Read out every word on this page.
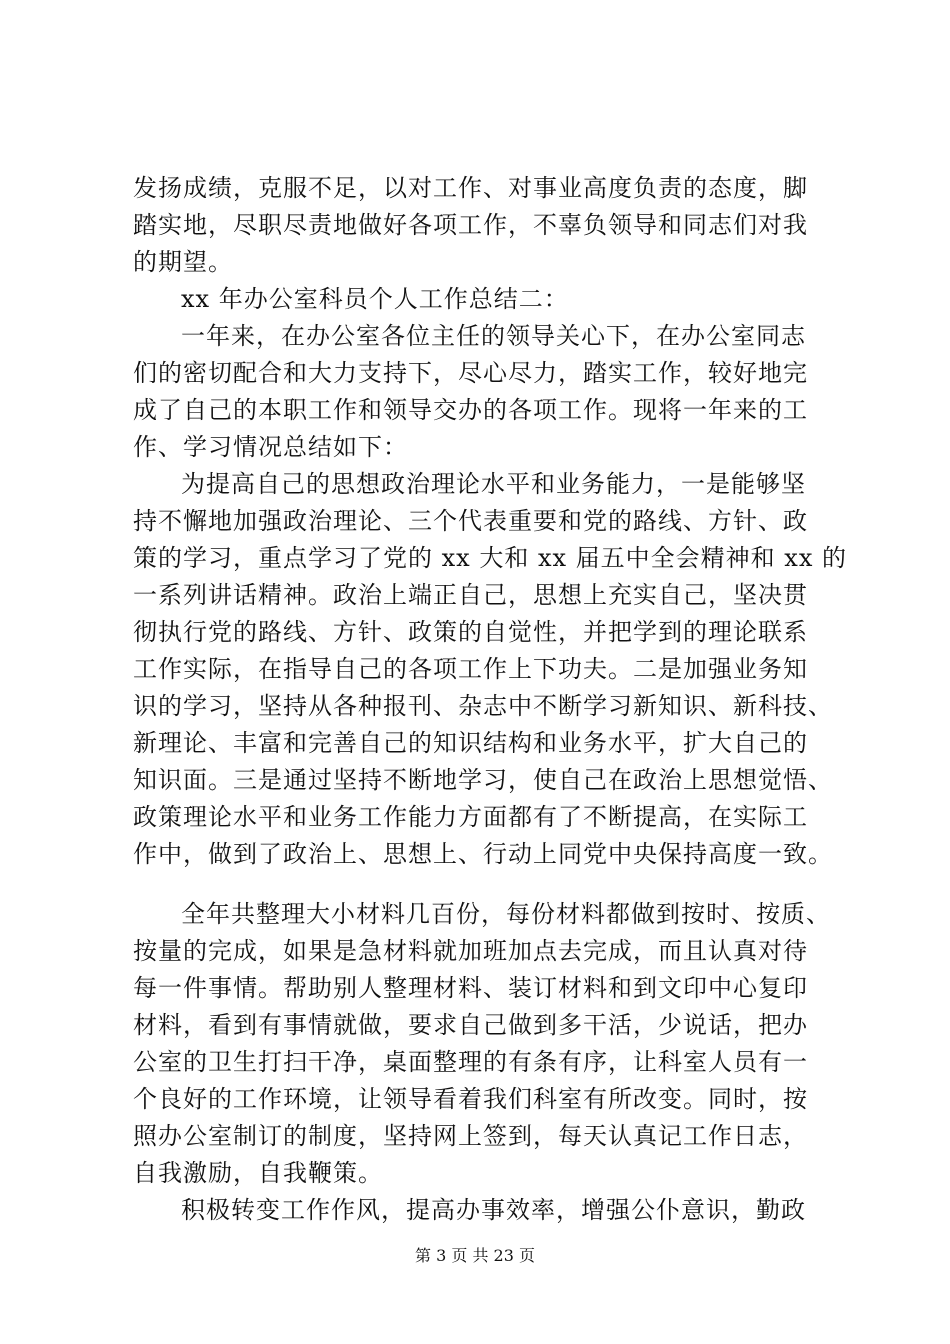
发扬成绩，克服不足，以对工作、对事业高度负责的态度，脚
踏实地，尽职尽责地做好各项工作，不辜负领导和同志们对我
的期望。
xx 年办公室科员个人工作总结二：
一年来，在办公室各位主任的领导关心下，在办公室同志
们的密切配合和大力支持下，尽心尽力，踏实工作，较好地完
成了自己的本职工作和领导交办的各项工作。现将一年来的工
作、学习情况总结如下：
为提高自己的思想政治理论水平和业务能力，一是能够坚
持不懈地加强政治理论、三个代表重要和党的路线、方针、政
策的学习，重点学习了党的 xx 大和 xx 届五中全会精神和 xx 的
一系列讲话精神。政治上端正自己，思想上充实自己，坚决贯
彻执行党的路线、方针、政策的自觉性，并把学到的理论联系
工作实际，在指导自己的各项工作上下功夫。二是加强业务知
识的学习，坚持从各种报刊、杂志中不断学习新知识、新科技、
新理论、丰富和完善自己的知识结构和业务水平，扩大自己的
知识面。三是通过坚持不断地学习，使自己在政治上思想觉悟、
政策理论水平和业务工作能力方面都有了不断提高，在实际工
作中，做到了政治上、思想上、行动上同党中央保持高度一致。
全年共整理大小材料几百份，每份材料都做到按时、按质、
按量的完成，如果是急材料就加班加点去完成，而且认真对待
每一件事情。帮助别人整理材料、装订材料和到文印中心复印
材料，看到有事情就做，要求自己做到多干活，少说话，把办
公室的卫生打扫干净，桌面整理的有条有序，让科室人员有一
个良好的工作环境，让领导看着我们科室有所改变。同时，按
照办公室制订的制度，坚持网上签到，每天认真记工作日志，
自我激励，自我鞭策。
积极转变工作作风，提高办事效率，增强公仆意识，勤政
第 3 页 共 23 页
